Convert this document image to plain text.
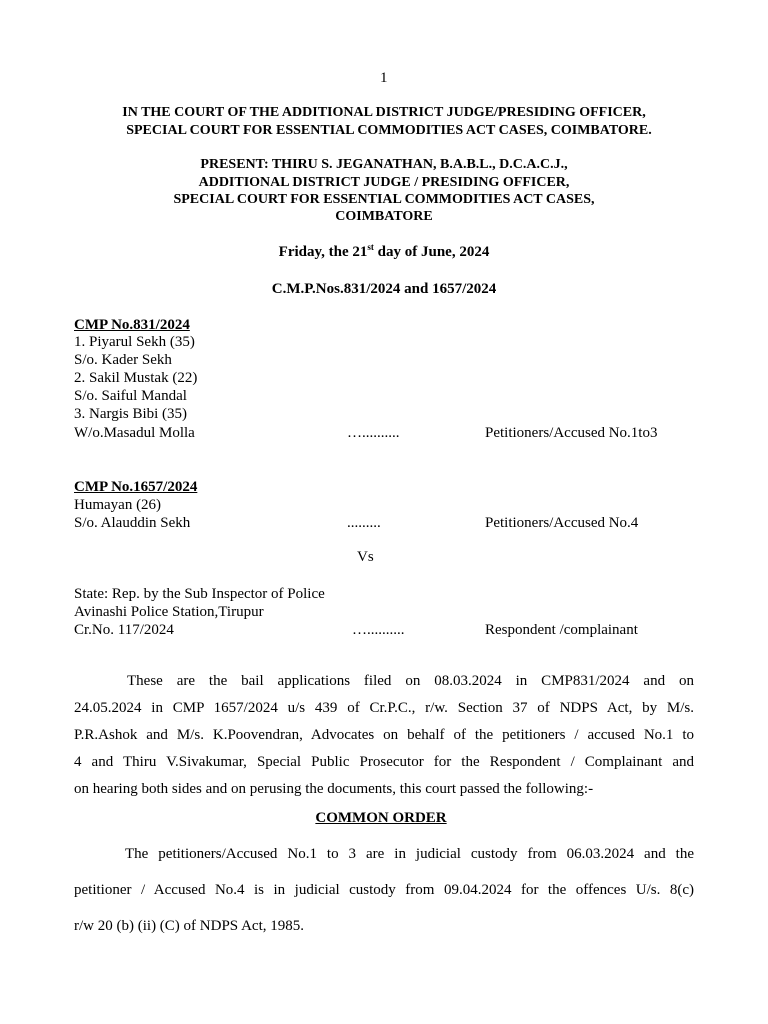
1
IN THE COURT OF THE ADDITIONAL DISTRICT JUDGE/PRESIDING OFFICER,
SPECIAL COURT FOR ESSENTIAL COMMODITIES ACT CASES, COIMBATORE.
PRESENT: THIRU S. JEGANATHAN, B.A.B.L., D.C.A.C.J.,
ADDITIONAL DISTRICT JUDGE / PRESIDING OFFICER,
SPECIAL COURT FOR ESSENTIAL COMMODITIES ACT CASES,
COIMBATORE
Friday, the 21st day of June, 2024
C.M.P.Nos.831/2024 and 1657/2024
CMP No.831/2024
1. Piyarul Sekh (35)
S/o. Kader Sekh
2. Sakil Mustak (22)
S/o. Saiful Mandal
3. Nargis Bibi (35)
W/o.Masadul Molla	…..........	Petitioners/Accused No.1to3
CMP No.1657/2024
Humayan (26)
S/o. Alauddin Sekh	.........	Petitioners/Accused No.4
Vs
State: Rep. by the Sub Inspector of Police
Avinashi Police Station,Tirupur
Cr.No. 117/2024	…..........	Respondent /complainant
These are the bail applications filed on 08.03.2024 in CMP831/2024 and on
24.05.2024 in CMP 1657/2024 u/s 439 of Cr.P.C., r/w. Section 37 of NDPS Act, by M/s.
P.R.Ashok and M/s. K.Poovendran, Advocates on behalf of the petitioners / accused No.1 to
4 and Thiru V.Sivakumar, Special Public Prosecutor for the Respondent / Complainant and
on hearing both sides and on perusing the documents, this court passed the following:-
COMMON ORDER
The petitioners/Accused No.1 to 3 are in judicial custody from 06.03.2024 and the
petitioner / Accused No.4 is in judicial custody from 09.04.2024 for the offences U/s. 8(c)
r/w 20 (b) (ii) (C) of NDPS Act, 1985.
